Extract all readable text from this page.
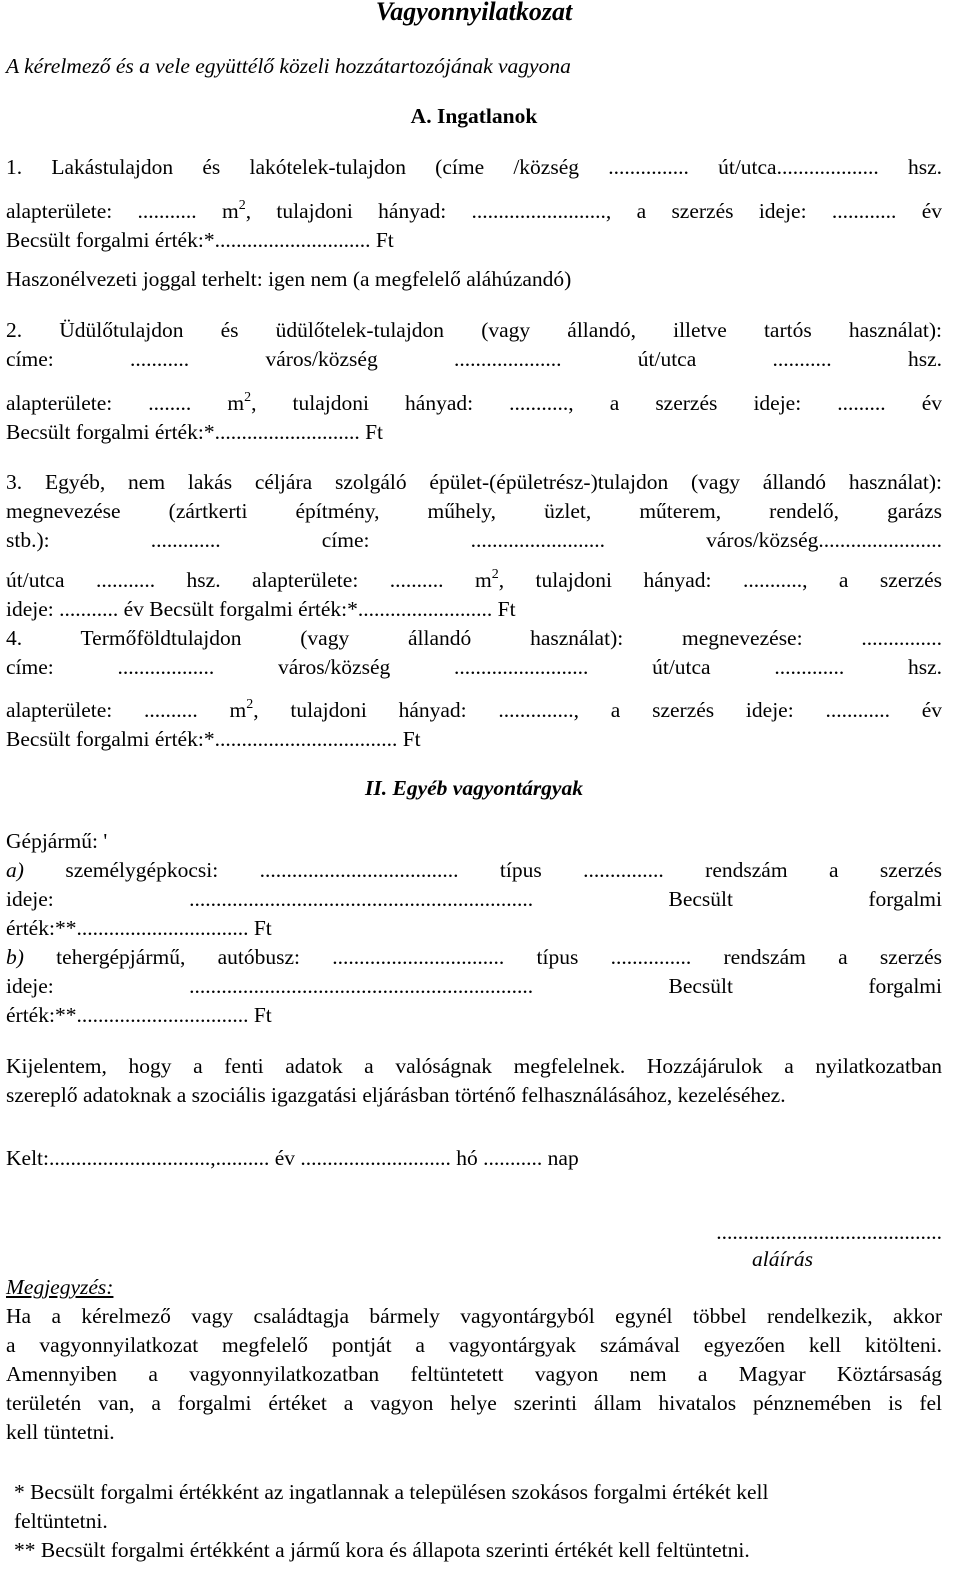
Vagyonnyilatkozat

A kérelmező és a vele együttélő közeli hozzátartozójának vagyona

A. Ingatlanok

1. Lakástulajdon és lakótelek-tulajdon (címe /község ............... út/utca................... hsz.

alapterülete: ........... $m^2$, tulajdoni hányad: ........................., a szerzés ideje: ............ év

Becsült forgalmi érték:*............................. Ft

Haszonélvezeti joggal terhelt: igen nem (a megfelelő aláhúzandó)

2. Üdülőtulajdon és üdülőtelek-tulajdon (vagy állandó, illetve tartós használat):

címe: ........... város/község .................... út/utca ........... hsz.

alapterülete: ........ $m^2$, tulajdoni hányad: ..........., a szerzés ideje: ......... év

Becsült forgalmi érték:*........................... Ft

3. Egyéb, nem lakás céljára szolgáló épület-(épületrész-)tulajdon (vagy állandó használat):

megnevezése (zártkerti építmény, műhely, üzlet, műterem, rendelő, garázs

stb.): ............. címe: ......................... város/község.......................

út/utca ........... hsz. alapterülete: .......... $m^2$, tulajdoni hányad: ..........., a szerzés

ideje: ........... év Becsült forgalmi érték:*......................... Ft

4. Termőföldtulajdon (vagy állandó használat): megnevezése: ...............

címe: .................. város/község ......................... út/utca ............. hsz.

alapterülete: .......... $m^2$, tulajdoni hányad: .............., a szerzés ideje: ............ év

Becsült forgalmi érték:*.................................. Ft

II. Egyéb vagyontárgyak

Gépjármű: '

a) személygépkocsi: ..................................... típus ............... rendszám a szerzés

ideje: ................................................................ Becsült forgalmi

érték:**................................ Ft

b) tehergépjármű, autóbusz: ................................ típus ............... rendszám a szerzés

ideje: ................................................................ Becsült forgalmi

érték:**................................ Ft

Kijelentem, hogy a fenti adatok a valóságnak megfelelnek. Hozzájárulok a nyilatkozatban

szereplő adatoknak a szociális igazgatási eljárásban történő felhasználásához, kezeléséhez.

Kelt:..............................,.......... év ............................ hó ........... nap

..........................................

aláírás

Megjegyzés:

Ha a kérelmező vagy családtagja bármely vagyontárgyból egynél többel rendelkezik, akkor

a vagyonnyilatkozat megfelelő pontját a vagyontárgyak számával egyezően kell kitölteni.

Amennyiben a vagyonnyilatkozatban feltüntetett vagyon nem a Magyar Köztársaság

területén van, a forgalmi értéket a vagyon helye szerinti állam hivatalos pénznemében is fel

kell tüntetni.

* Becsült forgalmi értékként az ingatlannak a településen szokásos forgalmi értékét kell

feltüntetni.

** Becsült forgalmi értékként a jármű kora és állapota szerinti értékét kell feltüntetni.
